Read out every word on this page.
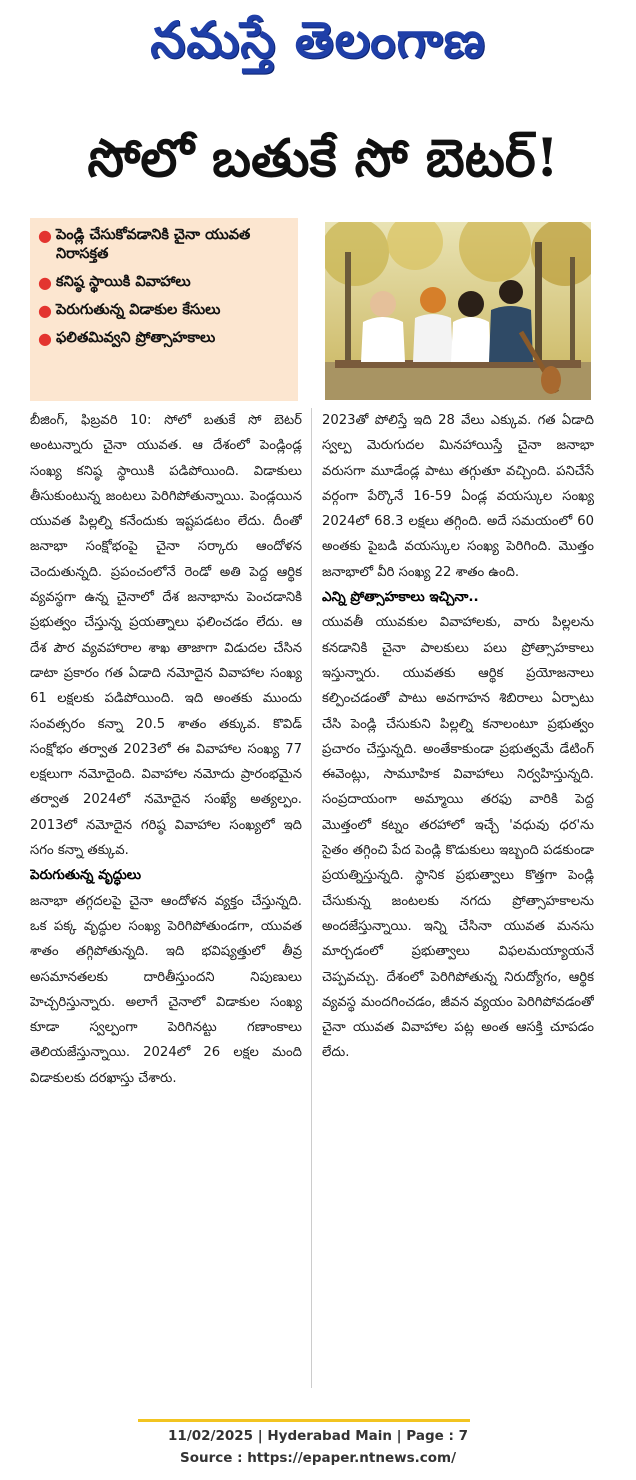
నమస్తే తెలంగాణ
సోలో బతుకే సో బెటర్!
● పెండ్లి చేసుకోవడానికి చైనా యువత నిరాసక్తత
● కనిష్ఠ స్థాయికి వివాహాలు
● పెరుగుతున్న విడాకుల కేసులు
● ఫలితమివ్వని ప్రోత్సాహకాలు

బీజింగ్, ఫిబ్రవరి 10: సోలో బతుకే సో బెటర్ అంటున్నారు చైనా యువత. ఆ దేశంలో పెండ్లిండ్ల సంఖ్య కనిష్ఠ స్థాయికి పడిపోయింది. విడాకులు తీసుకుంటున్న జంటలు పెరిగిపోతున్నాయి. పెండ్లయిన యువత పిల్లల్ని కనేందుకు ఇష్టపడటం లేదు. దీంతో జనాభా సంక్షోభంపై చైనా సర్కారు ఆందోళన చెందుతున్నది. ప్రపంచంలోనే రెండో అతి పెద్ద ఆర్థిక వ్యవస్థగా ఉన్న చైనాలో దేశ జనాభాను పెంచడానికి ప్రభుత్వం చేస్తున్న ప్రయత్నాలు ఫలించడం లేదు. ఆ దేశ పౌర వ్యవహారాల శాఖ తాజాగా విడుదల చేసిన డాటా ప్రకారం గత ఏడాది నమోదైన వివాహాల సంఖ్య 61 లక్షలకు పడిపోయింది. ఇది అంతకు ముందు సంవత్సరం కన్నా 20.5 శాతం తక్కువ. కొవిడ్ సంక్షోభం తర్వాత 2023లో ఈ వివాహాల సంఖ్య 77 లక్షలుగా నమోదైంది. వివాహాల నమోదు ప్రారంభమైన తర్వాత 2024లో నమోదైన సంఖ్యే అత్యల్పం. 2013లో నమోదైన గరిష్ఠ వివాహాల సంఖ్యలో ఇది సగం కన్నా తక్కువ.

పెరుగుతున్న వృద్ధులు

జనాభా తగ్గదలపై చైనా ఆందోళన వ్యక్తం చేస్తున్నది. ఒక పక్క వృద్ధుల సంఖ్య పెరిగిపోతుండగా, యువత శాతం తగ్గిపోతున్నది. ఇది భవిష్యత్తులో తీవ్ర అసమానతలకు దారితీస్తుందని నిపుణులు హెచ్చరిస్తున్నారు. అలాగే చైనాలో విడాకుల సంఖ్య కూడా స్వల్పంగా పెరిగినట్టు గణాంకాలు తెలియజేస్తున్నాయి. 2024లో 26 లక్షల మంది విడాకులకు దరఖాస్తు చేశారు.

2023తో పోలిస్తే ఇది 28 వేలు ఎక్కువ. గత ఏడాది స్వల్ప మెరుగుదల మినహాయిస్తే చైనా జనాభా వరుసగా మూడేండ్ల పాటు తగ్గుతూ వచ్చింది. పనిచేసే వర్గంగా పేర్కొనే 16-59 ఏండ్ల వయస్కుల సంఖ్య 2024లో 68.3 లక్షలు తగ్గింది. అదే సమయంలో 60 అంతకు పైబడి వయస్కుల సంఖ్య పెరిగింది. మొత్తం జనాభాలో వీరి సంఖ్య 22 శాతం ఉంది.

ఎన్ని ప్రోత్సాహకాలు ఇచ్చినా..

యువతీ యువకుల వివాహాలకు, వారు పిల్లలను కనడానికి చైనా పాలకులు పలు ప్రోత్సాహకాలు ఇస్తున్నారు. యువతకు ఆర్థిక ప్రయోజనాలు కల్పించడంతో పాటు అవగాహన శిబిరాలు ఏర్పాటు చేసి పెండ్లి చేసుకుని పిల్లల్ని కనాలంటూ ప్రభుత్వం ప్రచారం చేస్తున్నది. అంతేకాకుండా ప్రభుత్వమే డేటింగ్ ఈవెంట్లు, సామూహిక వివాహాలు నిర్వహిస్తున్నది. సంప్రదాయంగా అమ్మాయి తరఫు వారికి పెద్ద మొత్తంలో కట్నం తరహాలో ఇచ్చే 'వధువు ధర'ను సైతం తగ్గించి పేద పెండ్లి కొడుకులు ఇబ్బంది పడకుండా ప్రయత్నిస్తున్నది. స్థానిక ప్రభుత్వాలు కొత్తగా పెండ్లి చేసుకున్న జంటలకు నగదు ప్రోత్సాహకాలను అందజేస్తున్నాయి. ఇన్ని చేసినా యువత మనసు మార్చడంలో ప్రభుత్వాలు విఫలమయ్యాయనే చెప్పవచ్చు. దేశంలో పెరిగిపోతున్న నిరుద్యోగం, ఆర్థిక వ్యవస్థ మందగించడం, జీవన వ్యయం పెరిగిపోవడంతో చైనా యువత వివాహాల పట్ల అంత ఆసక్తి చూపడం లేదు.

11/02/2025 | Hyderabad Main | Page : 7
Source : https://epaper.ntnews.com/
